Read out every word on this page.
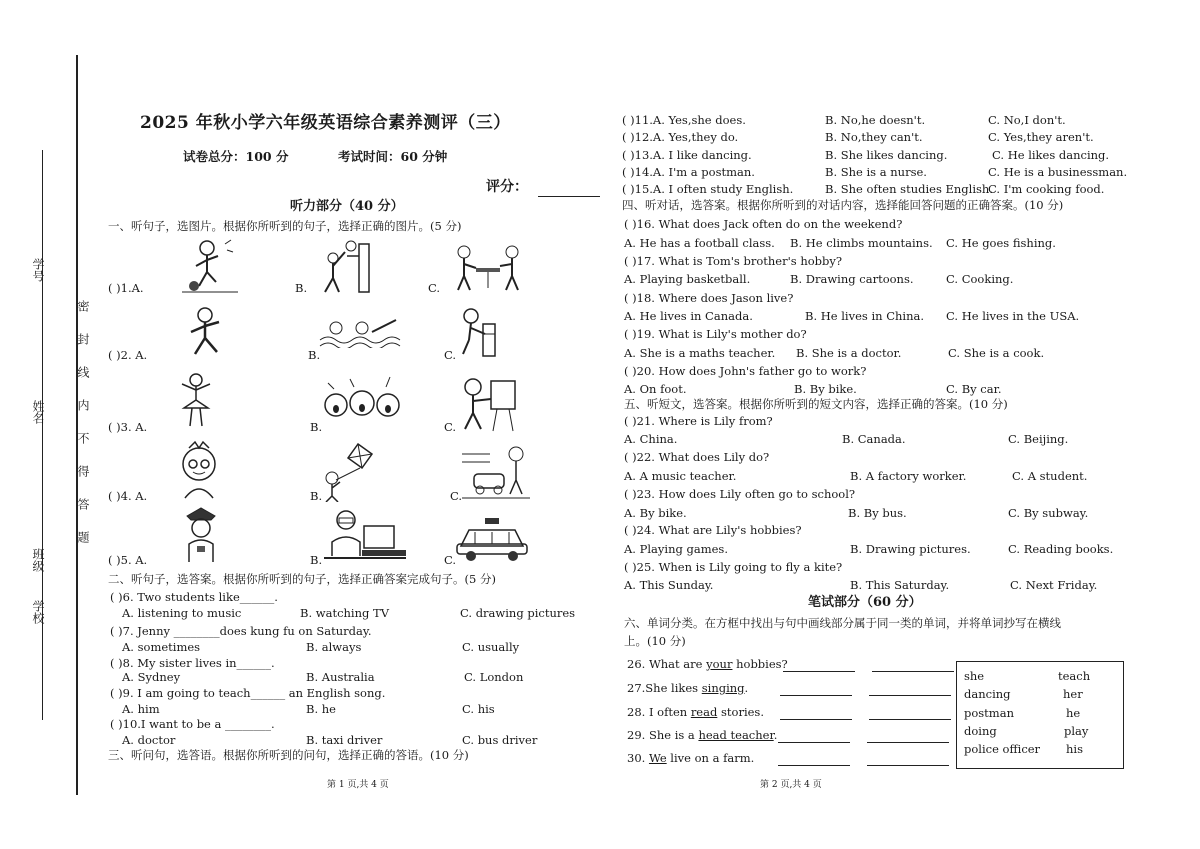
学号
姓名
班级
学校
密封线内不得答题
2025 年秋小学六年级英语综合素养测评（三）
试卷总分：100 分	考试时间：60 分钟
评分：
听力部分（40 分）
一、听句子，选图片。根据你所听到的句子，选择正确的图片。(5 分)
( )1.A.	B.	C.
( )2. A.	B.	C.
( )3. A.	B.	C.
( )4. A.	B.	C.
( )5. A.	B.	C.
二、听句子，选答案。根据你所听到的句子，选择正确答案完成句子。(5 分)
( )6. Two students like______.
A. listening to music	B. watching TV	C. drawing pictures
( )7. Jenny ________does kung fu on Saturday.
A. sometimes	B. always	C. usually
( )8. My sister lives in______.
A. Sydney	B. Australia	C. London
( )9. I am going to teach______ an English song.
A. him	B. he	C. his
( )10.I want to be a ________.
A. doctor	B. taxi driver	C. bus driver
三、听问句，选答语。根据你所听到的问句，选择正确的答语。(10 分)
第 1 页,共 4 页
( )11.A. Yes,she does.	B. No,he doesn't.	C. No,I don't.
( )12.A. Yes,they do.	B. No,they can't.	C. Yes,they aren't.
( )13.A. I like dancing.	B. She likes dancing.	C. He likes dancing.
( )14.A. I'm a postman.	B. She is a nurse.	C. He is a businessman.
( )15.A. I often study English.	B. She often studies English.
C. I'm cooking food.
四、听对话，选答案。根据你所听到的对话内容，选择能回答问题的正确答案。(10 分)
( )16. What does Jack often do on the weekend?
A. He has a football class. B. He climbs mountains. C. He goes fishing.
( )17. What is Tom's brother's hobby?
A. Playing basketball.	B. Drawing cartoons.	C. Cooking.
( )18. Where does Jason live?
A. He lives in Canada.	B. He lives in China. C. He lives in the USA.
( )19. What is Lily's mother do?
A. She is a maths teacher. B. She is a doctor.	C. She is a cook.
( )20. How does John's father go to work?
A. On foot.	B. By bike.	C. By car.
五、听短文，选答案。根据你所听到的短文内容，选择正确的答案。(10 分)
( )21. Where is Lily from?
A. China.	B. Canada.	C. Beijing.
( )22. What does Lily do?
A. A music teacher.	B. A factory worker.	C. A student.
( )23. How does Lily often go to school?
A. By bike.	B. By bus.	C. By subway.
( )24. What are Lily's hobbies?
A. Playing games.	B. Drawing pictures.	C. Reading books.
( )25. When is Lily going to fly a kite?
A. This Sunday.	B. This Saturday.	C. Next Friday.
笔试部分（60 分）
六、单词分类。在方框中找出与句中画线部分属于同一类的单词，并将单词抄写在横线
上。(10 分)
26. What are your hobbies?
27.She likes singing.
28. I often read stories.
29. She is a head teacher.
30. We live on a farm.
she	teach
dancing	her
postman	he
doing	play
police officer his
第 2 页,共 4 页
